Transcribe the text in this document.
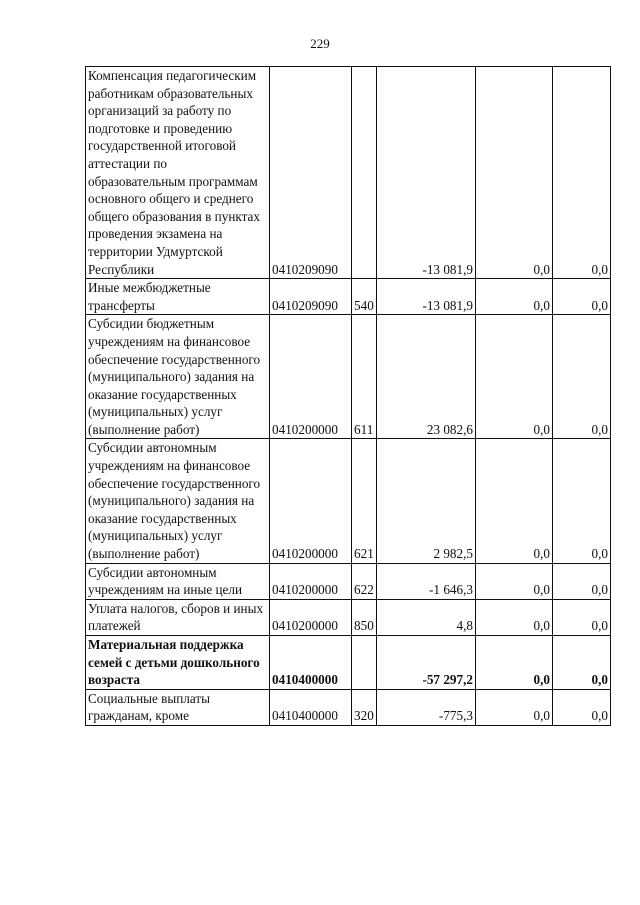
229
Компенсация педагогическим работникам образовательных организаций за работу по подготовке и проведению государственной итоговой аттестации по образовательным программам основного общего и среднего общего образования в пунктах проведения экзамена на территории Удмуртской Республики	0410209090		-13 081,9	0,0	0,0
Иные межбюджетные трансферты	0410209090	540	-13 081,9	0,0	0,0
Субсидии бюджетным учреждениям на финансовое обеспечение государственного (муниципального) задания на оказание государственных (муниципальных) услуг (выполнение работ)	0410200000	611	23 082,6	0,0	0,0
Субсидии автономным учреждениям на финансовое обеспечение государственного (муниципального) задания на оказание государственных (муниципальных) услуг (выполнение работ)	0410200000	621	2 982,5	0,0	0,0
Субсидии автономным учреждениям на иные цели	0410200000	622	-1 646,3	0,0	0,0
Уплата налогов, сборов и иных платежей	0410200000	850	4,8	0,0	0,0
Материальная поддержка семей с детьми дошкольного возраста	0410400000		-57 297,2	0,0	0,0
Социальные выплаты гражданам, кроме	0410400000	320	-775,3	0,0	0,0
